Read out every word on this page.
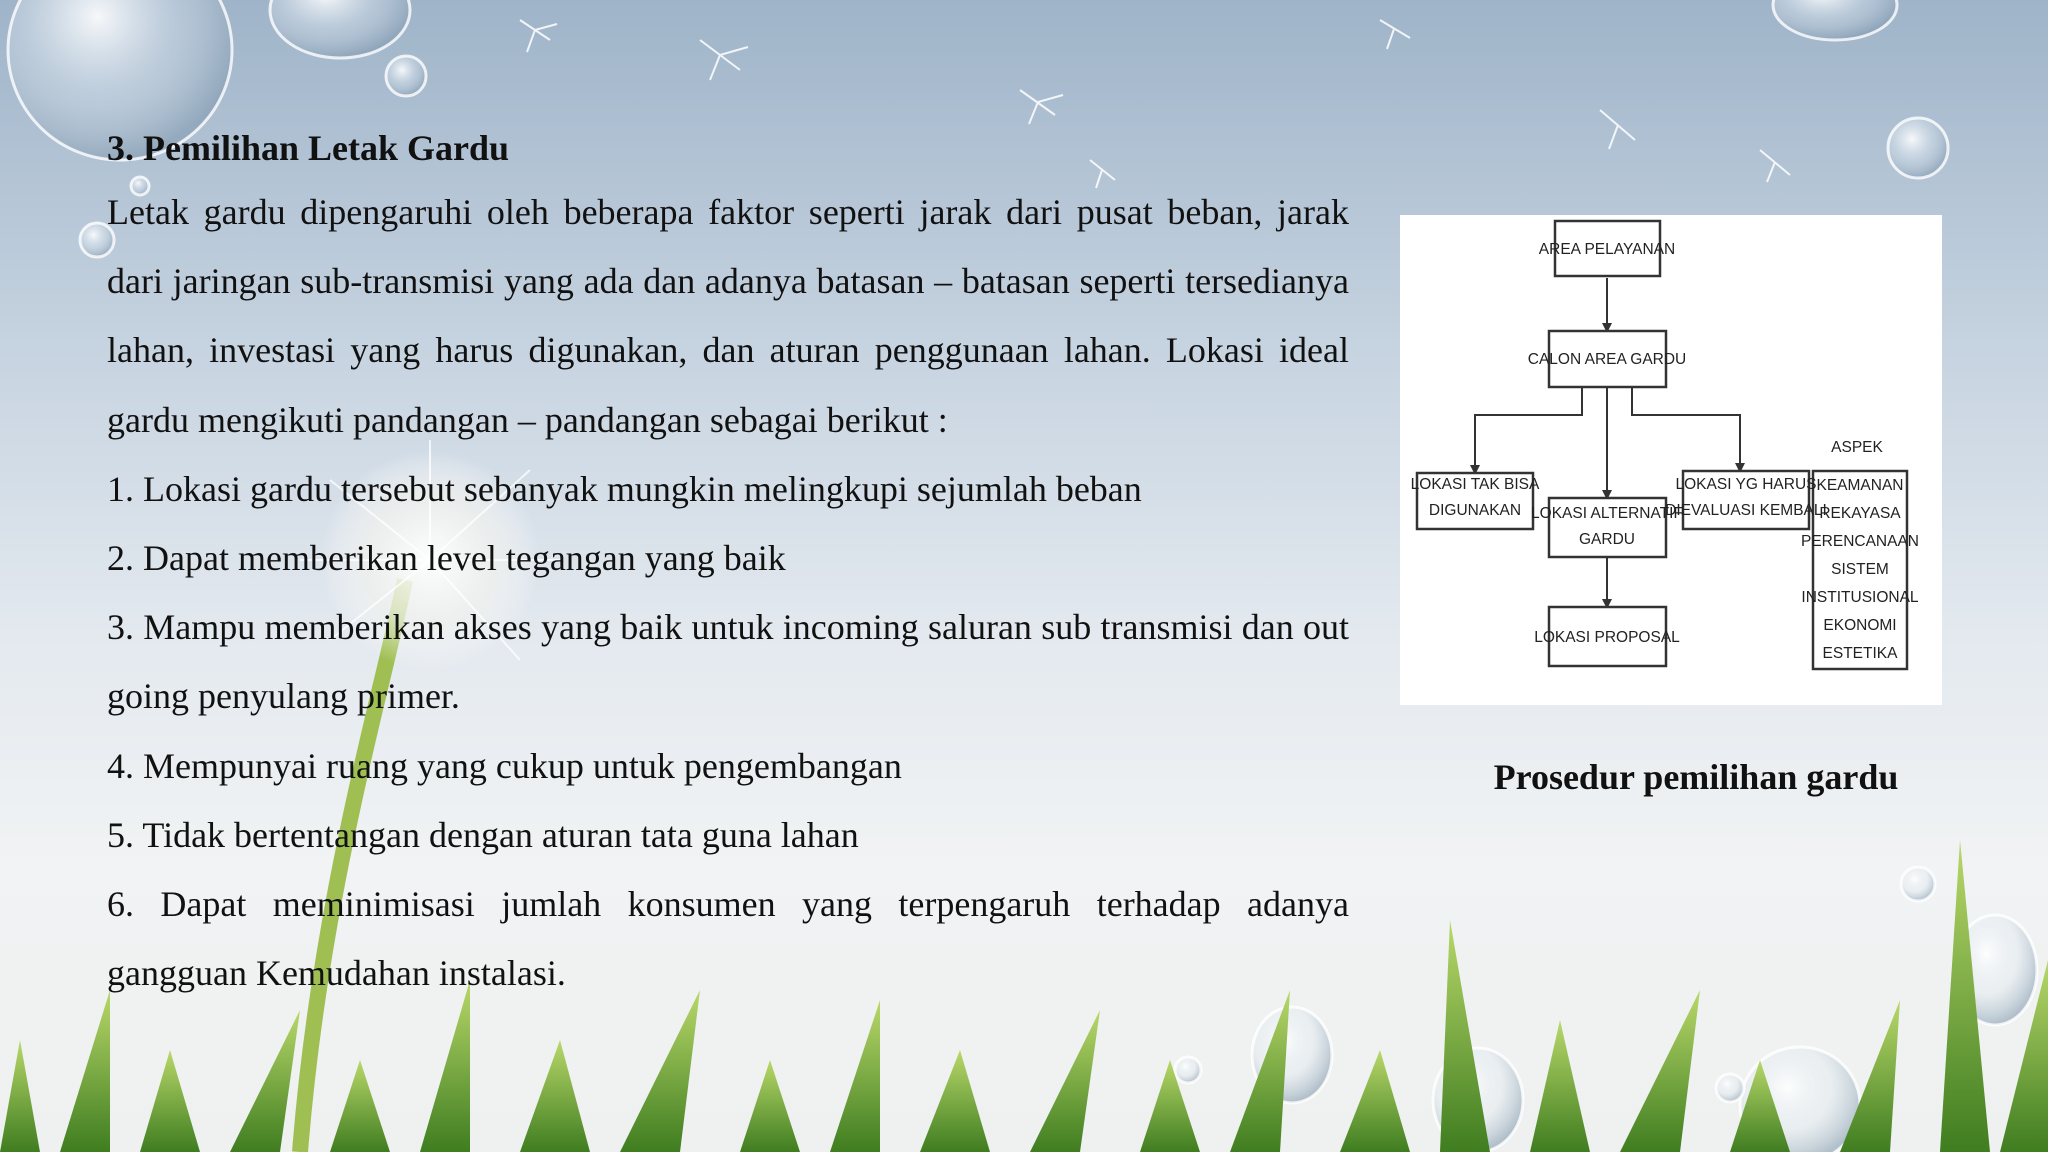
3. Pemilihan Letak Gardu
Letak gardu dipengaruhi oleh beberapa faktor seperti jarak dari pusat beban, jarak dari jaringan sub-transmisi yang ada dan adanya batasan – batasan seperti tersedianya lahan, investasi yang harus digunakan, dan aturan penggunaan lahan. Lokasi ideal gardu mengikuti pandangan – pandangan sebagai berikut :
1. Lokasi gardu tersebut sebanyak mungkin melingkupi sejumlah beban
2. Dapat memberikan level tegangan yang baik
3. Mampu memberikan akses yang baik untuk incoming saluran sub transmisi dan out going penyulang primer.
4. Mempunyai ruang yang cukup untuk pengembangan
5. Tidak bertentangan dengan aturan tata guna lahan
6. Dapat meminimisasi jumlah konsumen yang terpengaruh terhadap adanya gangguan Kemudahan instalasi.
AREA PELAYANAN
CALON AREA GARDU
LOKASI TAK BISA
DIGUNAKAN LOKASI ALTERNATIF
GARDU
LOKASI YG HARUS
DIEVALUASI KEMBALI
LOKASI PROPOSAL
ASPEK
KEAMANAN
REKAYASA
PERENCANAAN
SISTEM
INSTITUSIONAL
EKONOMI
ESTETIKA
Prosedur pemilihan gardu
